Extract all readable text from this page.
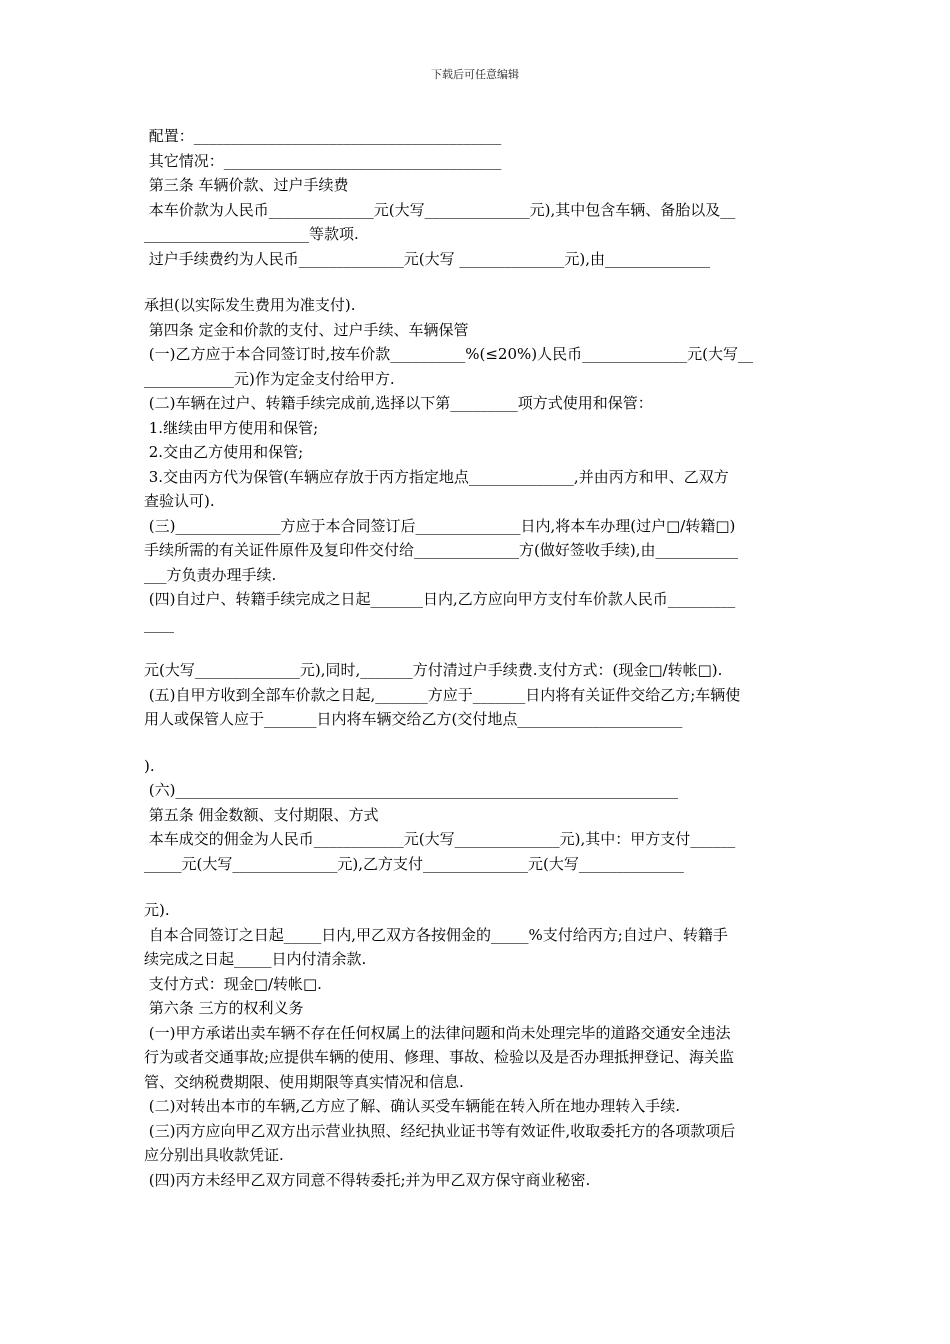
下载后可任意编辑
配置：_________________________________________
其它情况：_____________________________________
第三条 车辆价款、过户手续费
本车价款为人民币______________元(大写______________元),其中包含车辆、备胎以及__
______________________等款项.
过户手续费约为人民币______________元(大写 ______________元),由______________
承担(以实际发生费用为准支付).
第四条 定金和价款的支付、过户手续、车辆保管
(一)乙方应于本合同签订时,按车价款__________%(≤20%)人民币______________元(大写__
____________元)作为定金支付给甲方.
(二)车辆在过户、转籍手续完成前,选择以下第_________项方式使用和保管：
1.继续由甲方使用和保管;
2.交由乙方使用和保管;
3.交由丙方代为保管(车辆应存放于丙方指定地点______________,并由丙方和甲、乙双方
查验认可).
(三)______________方应于本合同签订后______________日内,将本车办理(过户□/转籍□)
手续所需的有关证件原件及复印件交付给______________方(做好签收手续),由___________
___方负责办理手续.
(四)自过户、转籍手续完成之日起_______日内,乙方应向甲方支付车价款人民币_________
____
元(大写______________元),同时,_______方付清过户手续费.支付方式：(现金□/转帐□).
(五)自甲方收到全部车价款之日起,_______方应于_______日内将有关证件交给乙方;车辆使
用人或保管人应于_______日内将车辆交给乙方(交付地点______________________
).
(六)___________________________________________________________________
第五条 佣金数额、支付期限、方式
本车成交的佣金为人民币____________元(大写______________元),其中：甲方支付______
_____元(大写______________元),乙方支付______________元(大写______________
元).
自本合同签订之日起_____日内,甲乙双方各按佣金的_____%支付给丙方;自过户、转籍手
续完成之日起_____日内付清余款.
支付方式：现金□/转帐□.
第六条 三方的权利义务
(一)甲方承诺出卖车辆不存在任何权属上的法律问题和尚未处理完毕的道路交通安全违法
行为或者交通事故;应提供车辆的使用、修理、事故、检验以及是否办理抵押登记、海关监
管、交纳税费期限、使用期限等真实情况和信息.
(二)对转出本市的车辆,乙方应了解、确认买受车辆能在转入所在地办理转入手续.
(三)丙方应向甲乙双方出示营业执照、经纪执业证书等有效证件,收取委托方的各项款项后
应分别出具收款凭证.
(四)丙方未经甲乙双方同意不得转委托;并为甲乙双方保守商业秘密.
